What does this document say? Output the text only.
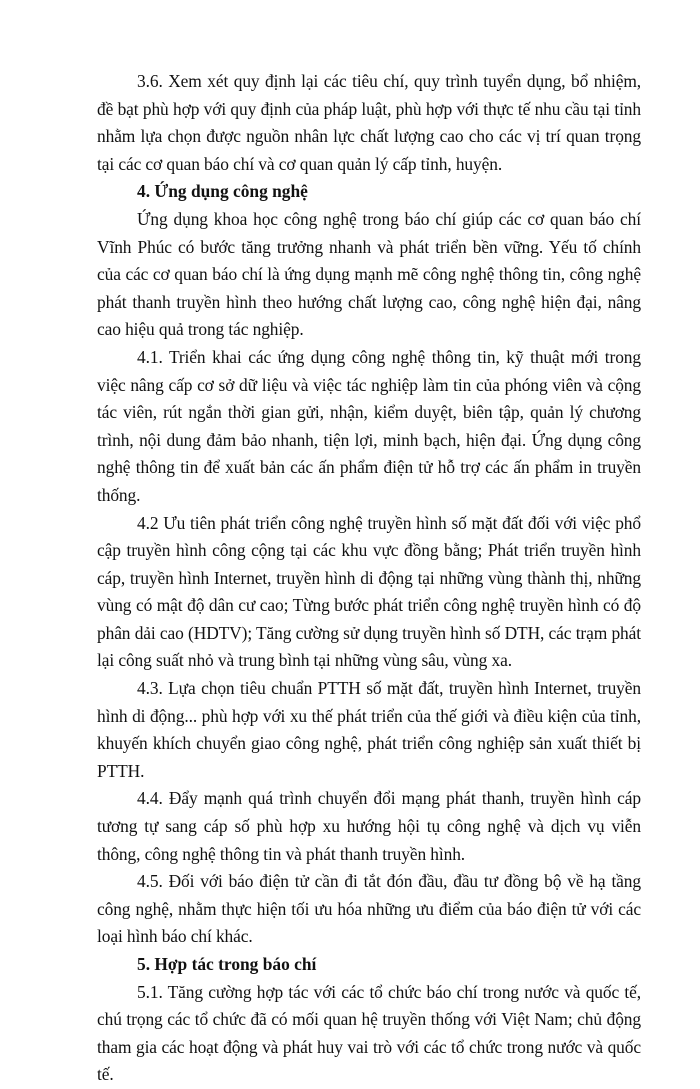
3.6. Xem xét quy định lại các tiêu chí, quy trình tuyển dụng, bổ nhiệm, đề bạt phù hợp với quy định của pháp luật, phù hợp với thực tế nhu cầu tại tỉnh nhằm lựa chọn được nguồn nhân lực chất lượng cao cho các vị trí quan trọng tại các cơ quan báo chí và cơ quan quản lý cấp tỉnh, huyện.

4. Ứng dụng công nghệ

Ứng dụng khoa học công nghệ trong báo chí giúp các cơ quan báo chí Vĩnh Phúc có bước tăng trưởng nhanh và phát triển bền vững. Yếu tố chính của các cơ quan báo chí là ứng dụng mạnh mẽ công nghệ thông tin, công nghệ phát thanh truyền hình theo hướng chất lượng cao, công nghệ hiện đại, nâng cao hiệu quả trong tác nghiệp.

4.1. Triển khai các ứng dụng công nghệ thông tin, kỹ thuật mới trong việc nâng cấp cơ sở dữ liệu và việc tác nghiệp làm tin của phóng viên và cộng tác viên, rút ngắn thời gian gửi, nhận, kiểm duyệt, biên tập, quản lý chương trình, nội dung đảm bảo nhanh, tiện lợi, minh bạch, hiện đại. Ứng dụng công nghệ thông tin để xuất bản các ấn phẩm điện tử hỗ trợ các ấn phẩm in truyền thống.

4.2 Ưu tiên phát triển công nghệ truyền hình số mặt đất đối với việc phổ cập truyền hình công cộng tại các khu vực đồng bằng; Phát triển truyền hình cáp, truyền hình Internet, truyền hình di động tại những vùng thành thị, những vùng có mật độ dân cư cao; Từng bước phát triển công nghệ truyền hình có độ phân dải cao (HDTV); Tăng cường sử dụng truyền hình số DTH, các trạm phát lại công suất nhỏ và trung bình tại những vùng sâu, vùng xa.

4.3. Lựa chọn tiêu chuẩn PTTH số mặt đất, truyền hình Internet, truyền hình di động... phù hợp với xu thế phát triển của thế giới và điều kiện của tỉnh, khuyến khích chuyển giao công nghệ, phát triển công nghiệp sản xuất thiết bị PTTH.

4.4. Đẩy mạnh quá trình chuyển đổi mạng phát thanh, truyền hình cáp tương tự sang cáp số phù hợp xu hướng hội tụ công nghệ và dịch vụ viễn thông, công nghệ thông tin và phát thanh truyền hình.

4.5. Đối với báo điện tử cần đi tắt đón đầu, đầu tư đồng bộ về hạ tầng công nghệ, nhằm thực hiện tối ưu hóa những ưu điểm của báo điện tử với các loại hình báo chí khác.

5. Hợp tác trong báo chí

5.1. Tăng cường hợp tác với các tổ chức báo chí trong nước và quốc tế, chú trọng các tổ chức đã có mối quan hệ truyền thống với Việt Nam; chủ động tham gia các hoạt động và phát huy vai trò với các tổ chức trong nước và quốc tế.
